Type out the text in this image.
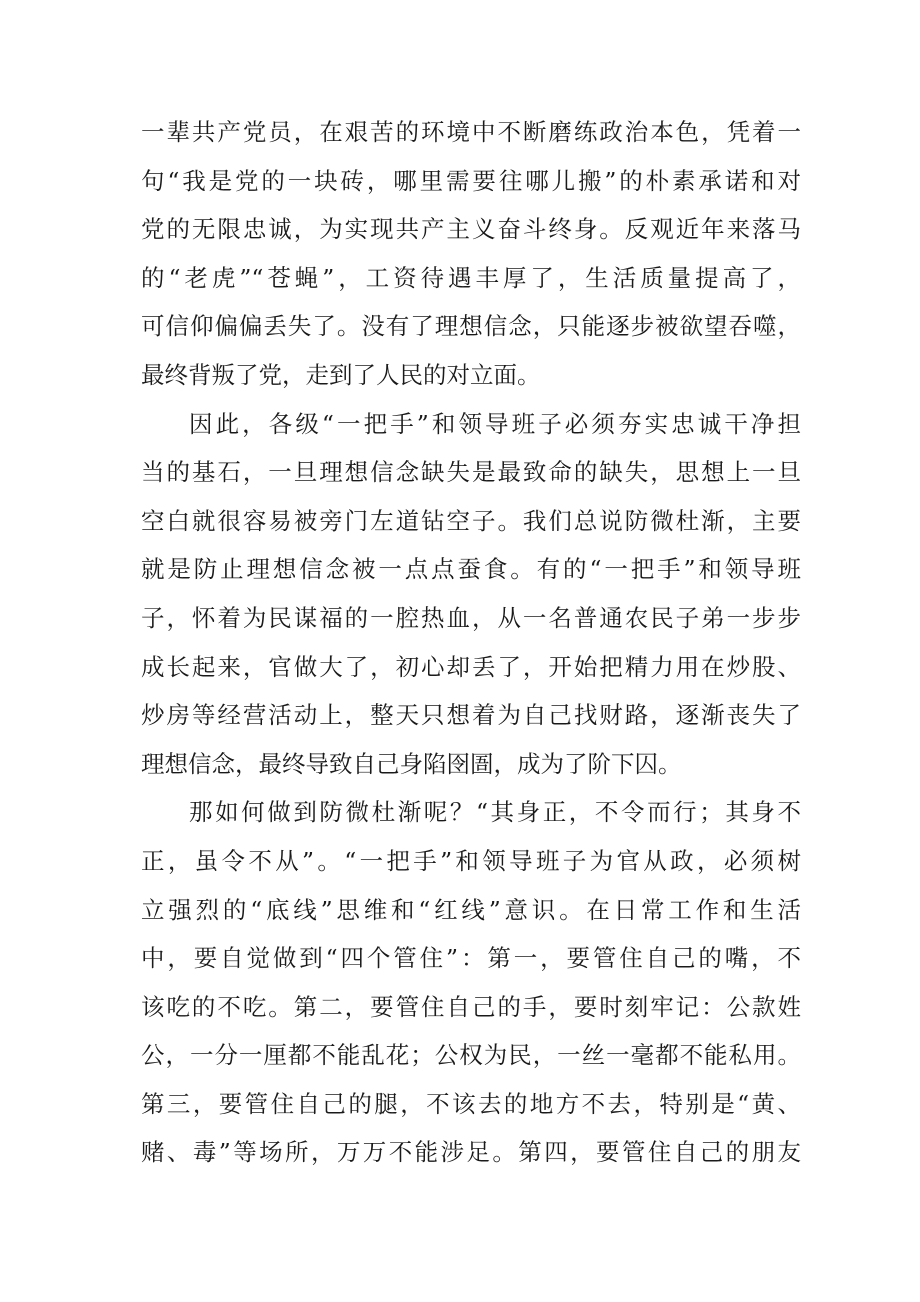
一辈共产党员，在艰苦的环境中不断磨练政治本色，凭着一
句“我是党的一块砖，哪里需要往哪儿搬”的朴素承诺和对
党的无限忠诚，为实现共产主义奋斗终身。反观近年来落马
的“老虎”“苍蝇”，工资待遇丰厚了，生活质量提高了，
可信仰偏偏丢失了。没有了理想信念，只能逐步被欲望吞噬，
最终背叛了党，走到了人民的对立面。
因此，各级“一把手”和领导班子必须夯实忠诚干净担
当的基石，一旦理想信念缺失是最致命的缺失，思想上一旦
空白就很容易被旁门左道钻空子。我们总说防微杜渐，主要
就是防止理想信念被一点点蚕食。有的“一把手”和领导班
子，怀着为民谋福的一腔热血，从一名普通农民子弟一步步
成长起来，官做大了，初心却丢了，开始把精力用在炒股、
炒房等经营活动上，整天只想着为自己找财路，逐渐丧失了
理想信念，最终导致自己身陷囹圄，成为了阶下囚。
那如何做到防微杜渐呢？“其身正，不令而行；其身不
正，虽令不从”。“一把手”和领导班子为官从政，必须树
立强烈的“底线”思维和“红线”意识。在日常工作和生活
中，要自觉做到“四个管住”：第一，要管住自己的嘴，不
该吃的不吃。第二，要管住自己的手，要时刻牢记：公款姓
公，一分一厘都不能乱花；公权为民，一丝一毫都不能私用。
第三，要管住自己的腿，不该去的地方不去，特别是“黄、
赌、毒”等场所，万万不能涉足。第四，要管住自己的朋友
